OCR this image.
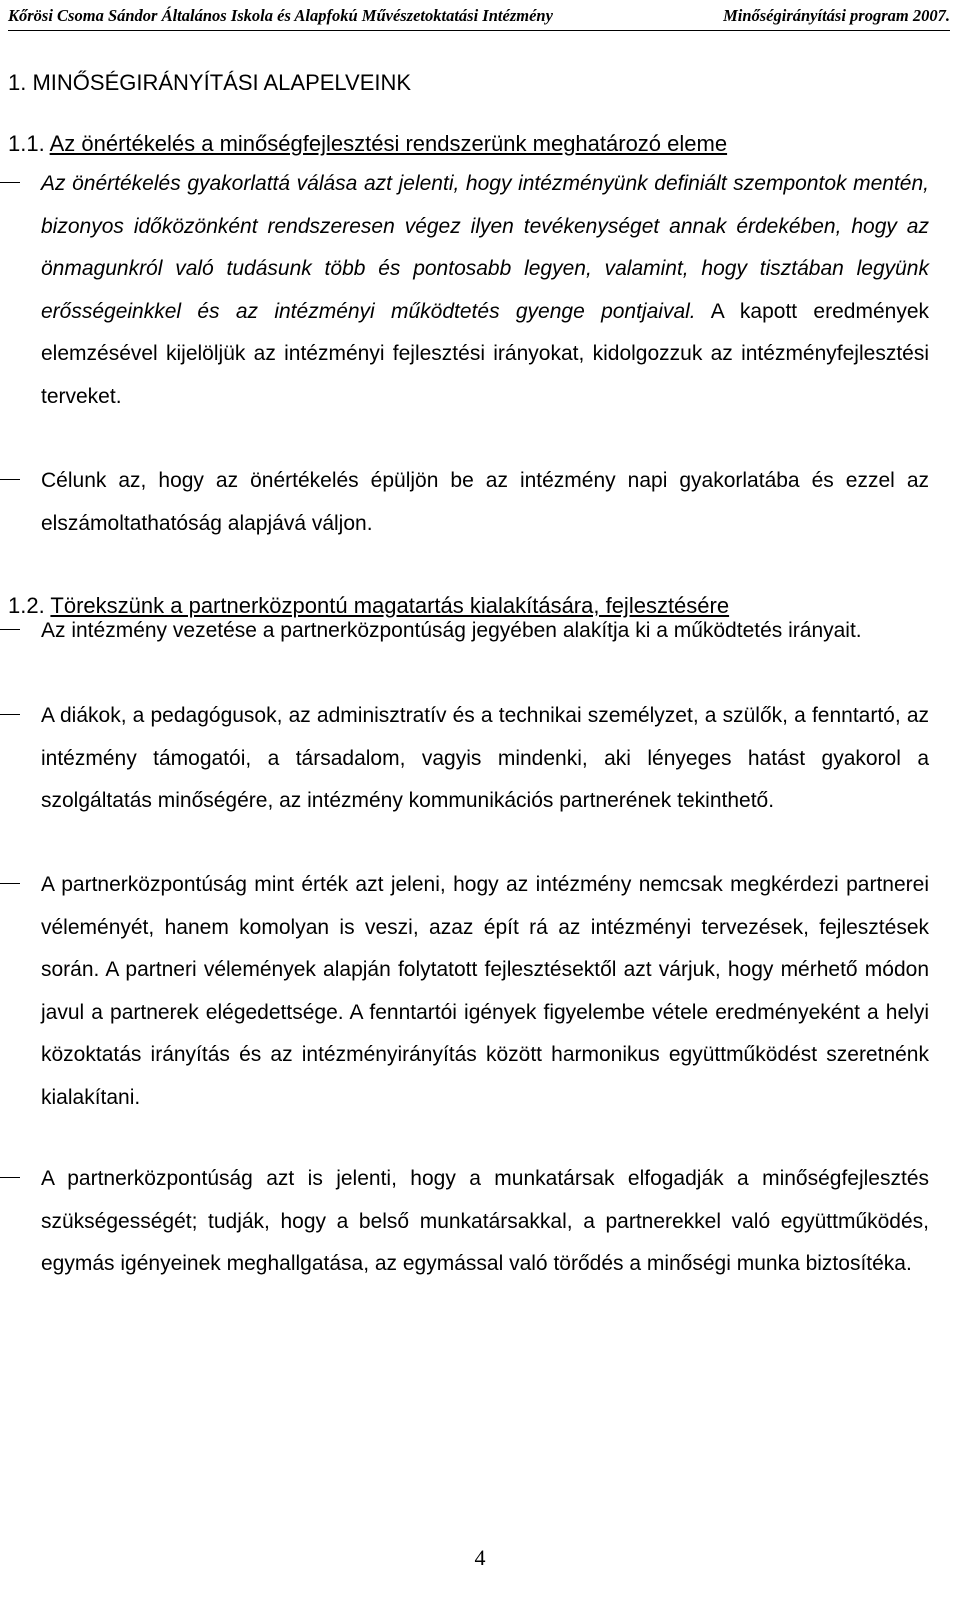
Kőrösi Csoma Sándor Általános Iskola és Alapfokú Művészetoktatási Intézmény	Minőségirányítási program 2007.
1. MINŐSÉGIRÁNYÍTÁSI ALAPELVEINK
1.1. Az önértékelés a minőségfejlesztési rendszerünk meghatározó eleme

Az önértékelés gyakorlattá válása azt jelenti, hogy intézményünk definiált szempontok mentén, bizonyos időközönként rendszeresen végez ilyen tevékenységet annak érdekében, hogy az önmagunkról való tudásunk több és pontosabb legyen, valamint, hogy tisztában legyünk erősségeinkkel és az intézményi működtetés gyenge pontjaival. A kapott eredmények elemzésével kijelöljük az intézményi fejlesztési irányokat, kidolgozzuk az intézményfejlesztési terveket.

Célunk az, hogy az önértékelés épüljön be az intézmény napi gyakorlatába és ezzel az elszámoltathatóság alapjává váljon.

1.2. Törekszünk a partnerközpontú magatartás kialakítására, fejlesztésére

Az intézmény vezetése a partnerközpontúság jegyében alakítja ki a működtetés irányait.

A diákok, a pedagógusok, az adminisztratív és a technikai személyzet, a szülők, a fenntartó, az intézmény támogatói, a társadalom, vagyis mindenki, aki lényeges hatást gyakorol a szolgáltatás minőségére, az intézmény kommunikációs partnerének tekinthető.

A partnerközpontúság mint érték azt jeleni, hogy az intézmény nemcsak megkérdezi partnerei véleményét, hanem komolyan is veszi, azaz épít rá az intézményi tervezések, fejlesztések során. A partneri vélemények alapján folytatott fejlesztésektől azt várjuk, hogy mérhető módon javul a partnerek elégedettsége. A fenntartói igények figyelembe vétele eredményeként a helyi közoktatás irányítás és az intézményirányítás között harmonikus együttműködést szeretnénk kialakítani.

A partnerközpontúság azt is jelenti, hogy a munkatársak elfogadják a minőségfejlesztés szükségességét; tudják, hogy a belső munkatársakkal, a partnerekkel való együttműködés, egymás igényeinek meghallgatása, az egymással való törődés a minőségi munka biztosítéka.

4
